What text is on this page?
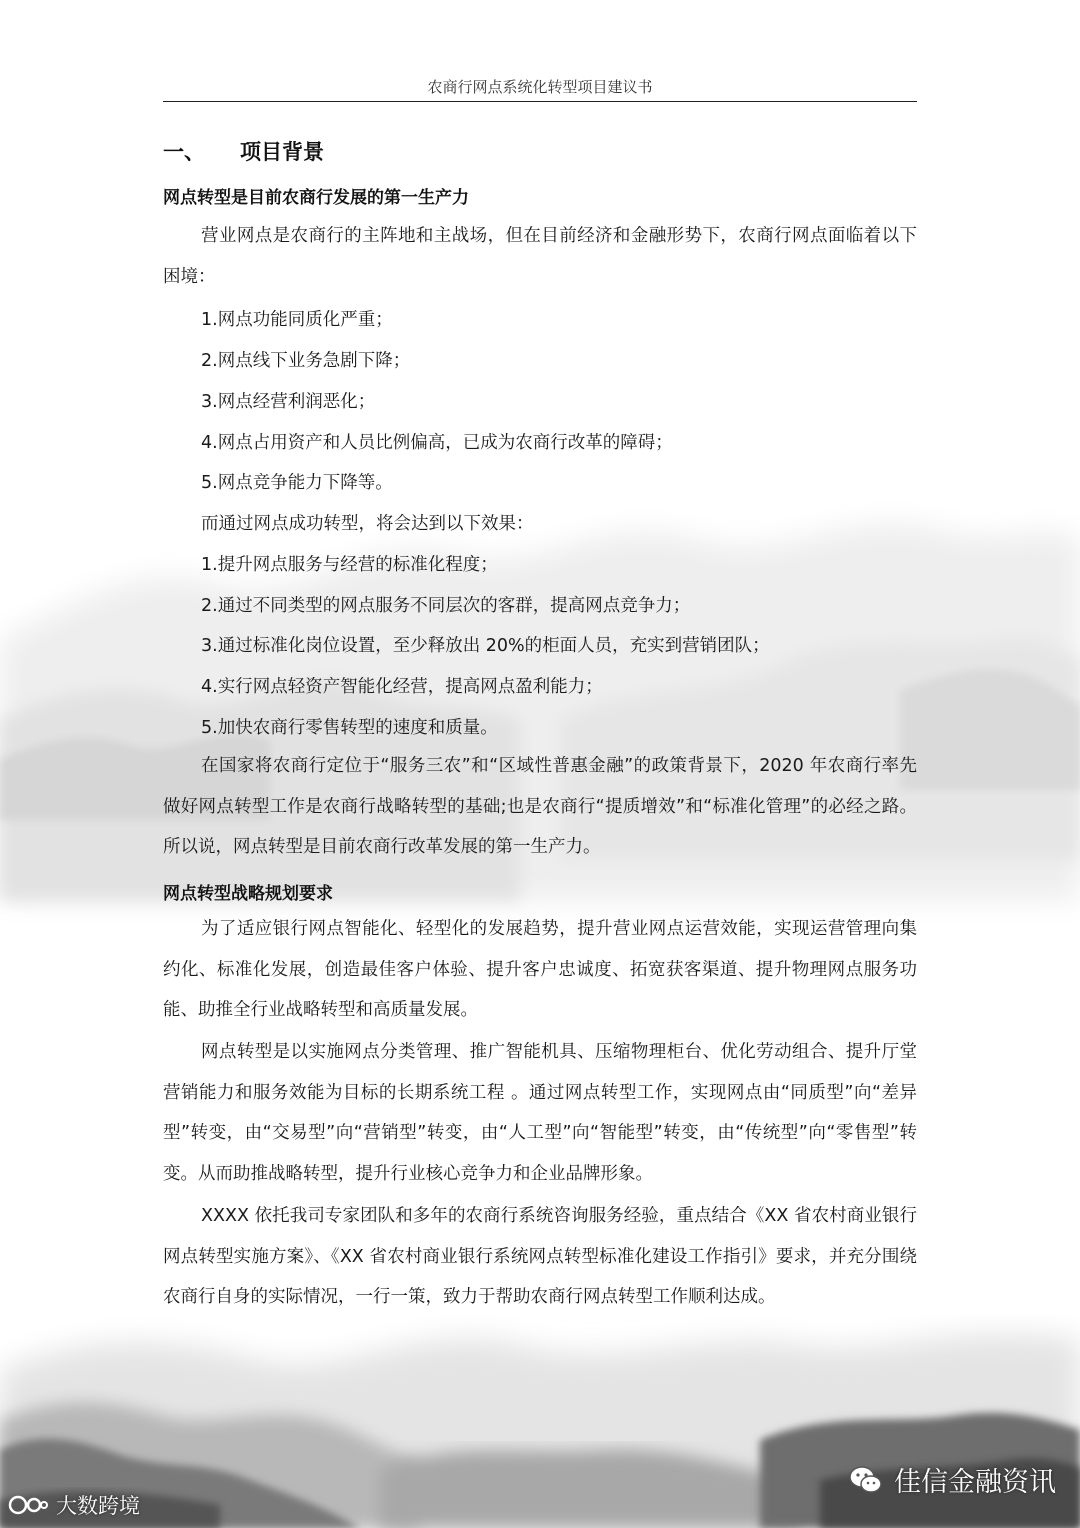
农商行网点系统化转型项目建议书
一、 项目背景
网点转型是目前农商行发展的第一生产力

营业网点是农商行的主阵地和主战场，但在目前经济和金融形势下，农商行网点面临着以下困境：

1.网点功能同质化严重；
2.网点线下业务急剧下降；
3.网点经营利润恶化；
4.网点占用资产和人员比例偏高，已成为农商行改革的障碍；
5.网点竞争能力下降等。
而通过网点成功转型，将会达到以下效果：
1.提升网点服务与经营的标准化程度；
2.通过不同类型的网点服务不同层次的客群，提高网点竞争力；
3.通过标准化岗位设置，至少释放出 20%的柜面人员，充实到营销团队；
4.实行网点轻资产智能化经营，提高网点盈利能力；
5.加快农商行零售转型的速度和质量。

在国家将农商行定位于“服务三农”和“区域性普惠金融”的政策背景下，2020 年农商行率先做好网点转型工作是农商行战略转型的基础;也是农商行“提质增效”和“标准化管理”的必经之路。所以说，网点转型是目前农商行改革发展的第一生产力。

网点转型战略规划要求

为了适应银行网点智能化、轻型化的发展趋势，提升营业网点运营效能，实现运营管理向集约化、标准化发展，创造最佳客户体验、提升客户忠诚度、拓宽获客渠道、提升物理网点服务功能、助推全行业战略转型和高质量发展。

网点转型是以实施网点分类管理、推广智能机具、压缩物理柜台、优化劳动组合、提升厅堂营销能力和服务效能为目标的长期系统工程 。通过网点转型工作，实现网点由“同质型”向“差异型”转变，由“交易型”向“营销型”转变，由“人工型”向“智能型”转变，由“传统型”向“零售型”转变。从而助推战略转型，提升行业核心竞争力和企业品牌形象。

XXXX 依托我司专家团队和多年的农商行系统咨询服务经验，重点结合《XX 省农村商业银行网点转型实施方案》、《XX 省农村商业银行系统网点转型标准化建设工作指引》要求，并充分围绕农商行自身的实际情况，一行一策，致力于帮助农商行网点转型工作顺利达成。

佳信金融资讯
大数跨境
